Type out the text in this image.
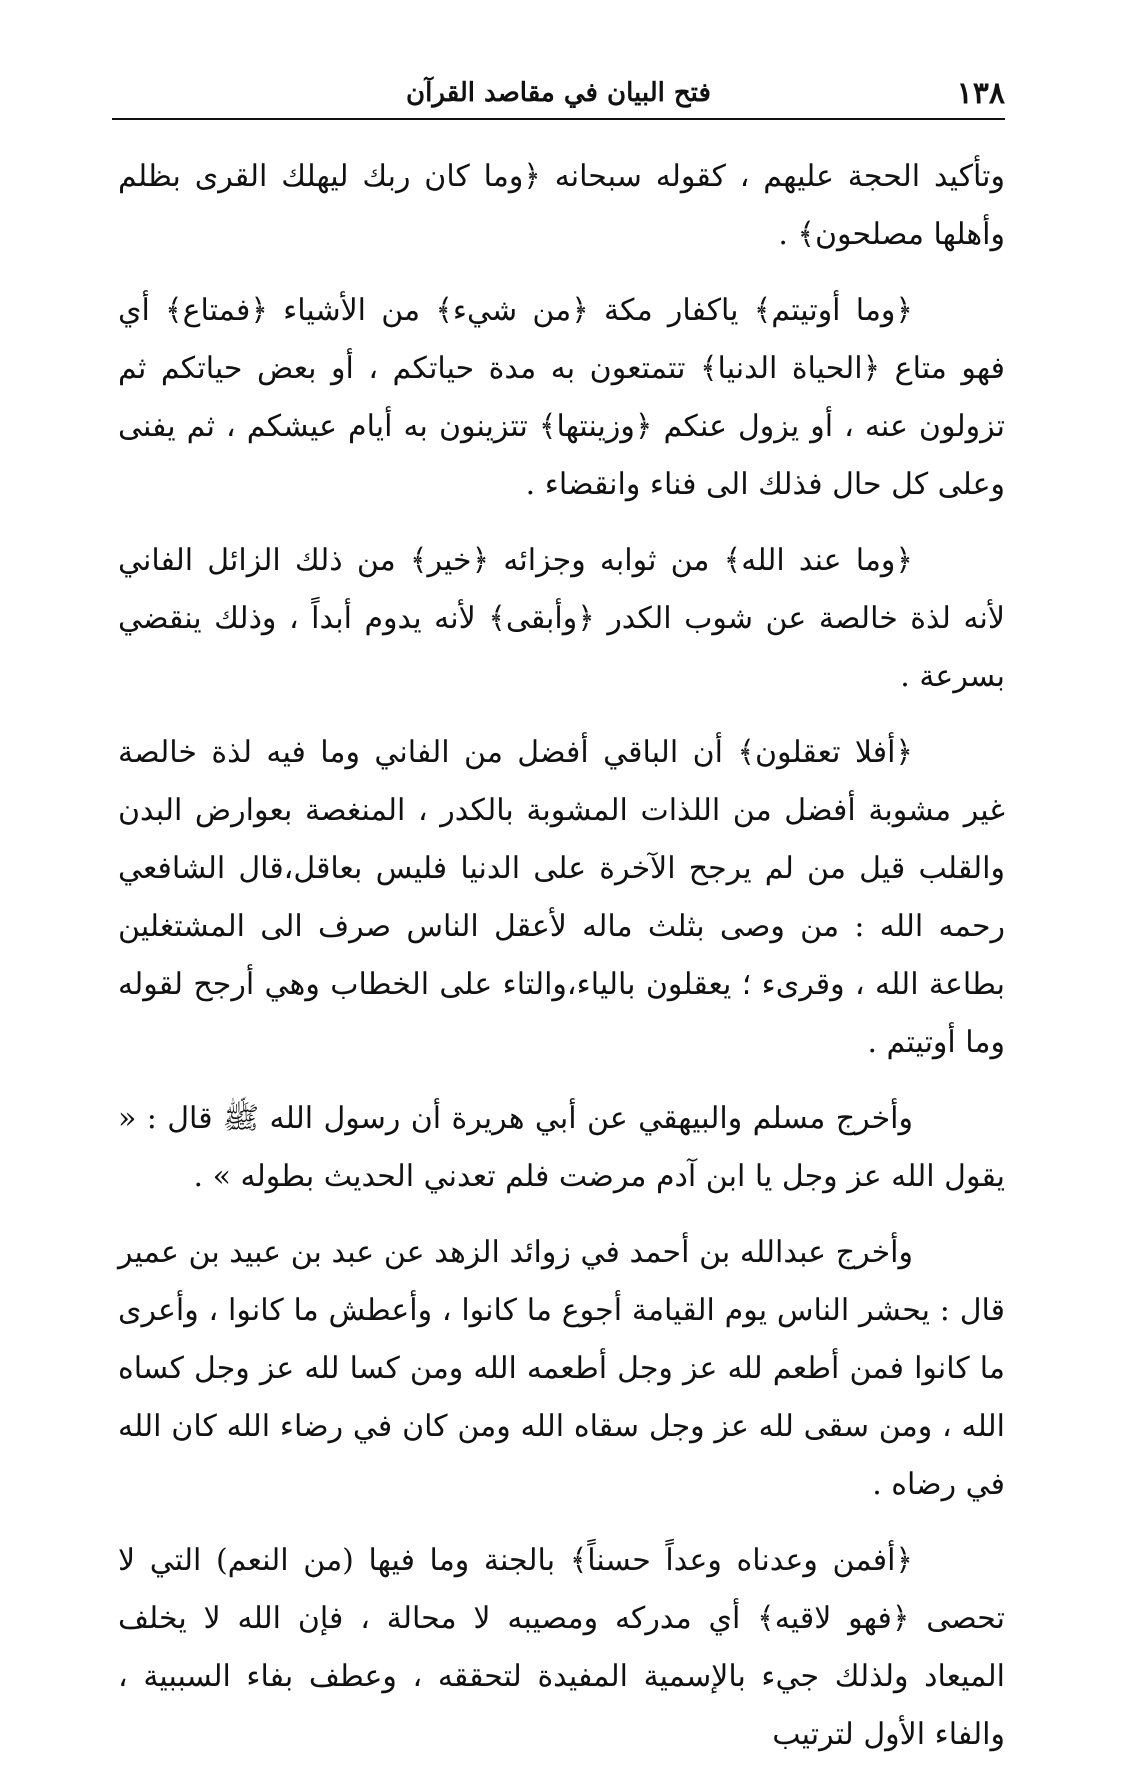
١٣٨
فتح البيان في مقاصد القرآن

وتأكيد الحجة عليهم ، كقوله سبحانه ﴿وما كان ربك ليهلك القرى بظلم وأهلها مصلحون﴾ .

﴿وما أوتيتم﴾ ياكفار مكة ﴿من شيء﴾ من الأشياء ﴿فمتاع﴾ أي فهو متاع ﴿الحياة الدنيا﴾ تتمتعون به مدة حياتكم ، أو بعض حياتكم ثم تزولون عنه ، أو يزول عنكم ﴿وزينتها﴾ تتزينون به أيام عيشكم ، ثم يفنى وعلى كل حال فذلك الى فناء وانقضاء .

﴿وما عند الله﴾ من ثوابه وجزائه ﴿خير﴾ من ذلك الزائل الفاني لأنه لذة خالصة عن شوب الكدر ﴿وأبقى﴾ لأنه يدوم أبداً ، وذلك ينقضي بسرعة .

﴿أفلا تعقلون﴾ أن الباقي أفضل من الفاني وما فيه لذة خالصة غير مشوبة أفضل من اللذات المشوبة بالكدر ، المنغصة بعوارض البدن والقلب قيل من لم يرجح الآخرة على الدنيا فليس بعاقل،قال الشافعي رحمه الله : من وصى بثلث ماله لأعقل الناس صرف الى المشتغلين بطاعة الله ، وقرىء ؛ يعقلون بالياء،والتاء على الخطاب وهي أرجح لقوله وما أوتيتم .

وأخرج مسلم والبيهقي عن أبي هريرة أن رسول الله ﷺ قال : « يقول الله عز وجل يا ابن آدم مرضت فلم تعدني الحديث بطوله » .

وأخرج عبدالله بن أحمد في زوائد الزهد عن عبد بن عبيد بن عمير قال : يحشر الناس يوم القيامة أجوع ما كانوا ، وأعطش ما كانوا ، وأعرى ما كانوا فمن أطعم لله عز وجل أطعمه الله ومن كسا لله عز وجل كساه الله ، ومن سقى لله عز وجل سقاه الله ومن كان في رضاء الله كان الله في رضاه .

﴿أفمن وعدناه وعداً حسناً﴾ بالجنة وما فيها (من النعم) التي لا تحصى ﴿فهو لاقيه﴾ أي مدركه ومصيبه لا محالة ، فإن الله لا يخلف الميعاد ولذلك جيء بالإسمية المفيدة لتحققه ، وعطف بفاء السببية ، والفاء الأول لترتيب
